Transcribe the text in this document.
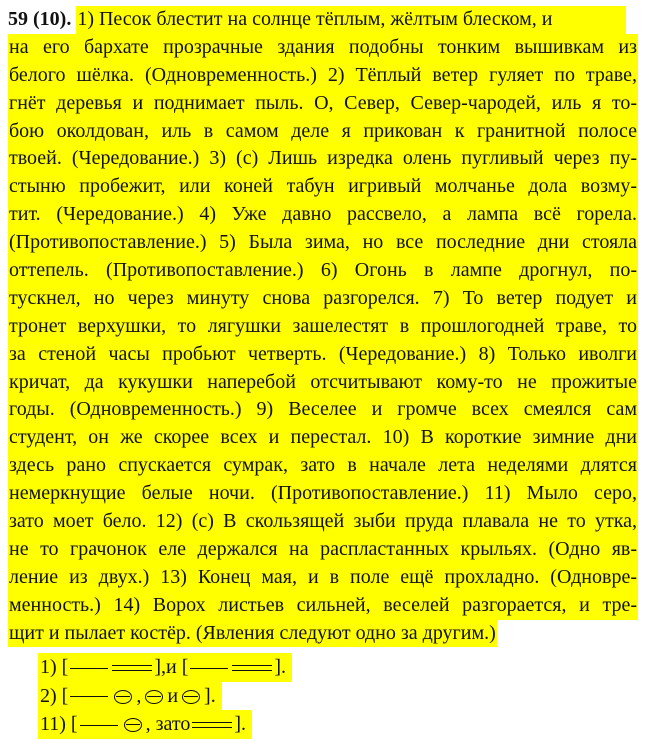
59 (10). 1) Песок блестит на солнце тёплым, жёлтым блеском, и
на его бархате прозрачные здания подобны тонким вышивкам из
белого шёлка. (Одновременность.) 2) Тёплый ветер гуляет по траве,
гнёт деревья и поднимает пыль. О, Север, Север-чародей, иль я то-
бою околдован, иль в самом деле я прикован к гранитной полосе
твоей. (Чередование.) 3) (с) Лишь изредка олень пугливый через пу-
стыню пробежит, или коней табун игривый молчанье дола возму-
тит. (Чередование.) 4) Уже давно рассвело, а лампа всё горела.
(Противопоставление.) 5) Была зима, но все последние дни стояла
оттепель. (Противопоставление.) 6) Огонь в лампе дрогнул, по-
тускнел, но через минуту снова разгорелся. 7) То ветер подует и
тронет верхушки, то лягушки зашелестят в прошлогодней траве, то
за стеной часы пробьют четверть. (Чередование.) 8) Только иволги
кричат, да кукушки наперебой отсчитывают кому-то не прожитые
годы. (Одновременность.) 9) Веселее и громче всех смеялся сам
студент, он же скорее всех и перестал. 10) В короткие зимние дни
здесь рано спускается сумрак, зато в начале лета неделями длятся
немеркнущие белые ночи. (Противопоставление.) 11) Мыло серо,
зато моет бело. 12) (с) В скользящей зыби пруда плавала не то утка,
не то грачонок еле держался на распластанных крыльях. (Одно яв-
ление из двух.) 13) Конец мая, и в поле ещё прохладно. (Одновре-
менность.) 14) Ворох листьев сильней, веселей разгорается, и тре-
щит и пылает костёр. (Явления следуют одно за другим.)
1) [	],и [	].
2) [	, и ].
11) [	, зато ].
